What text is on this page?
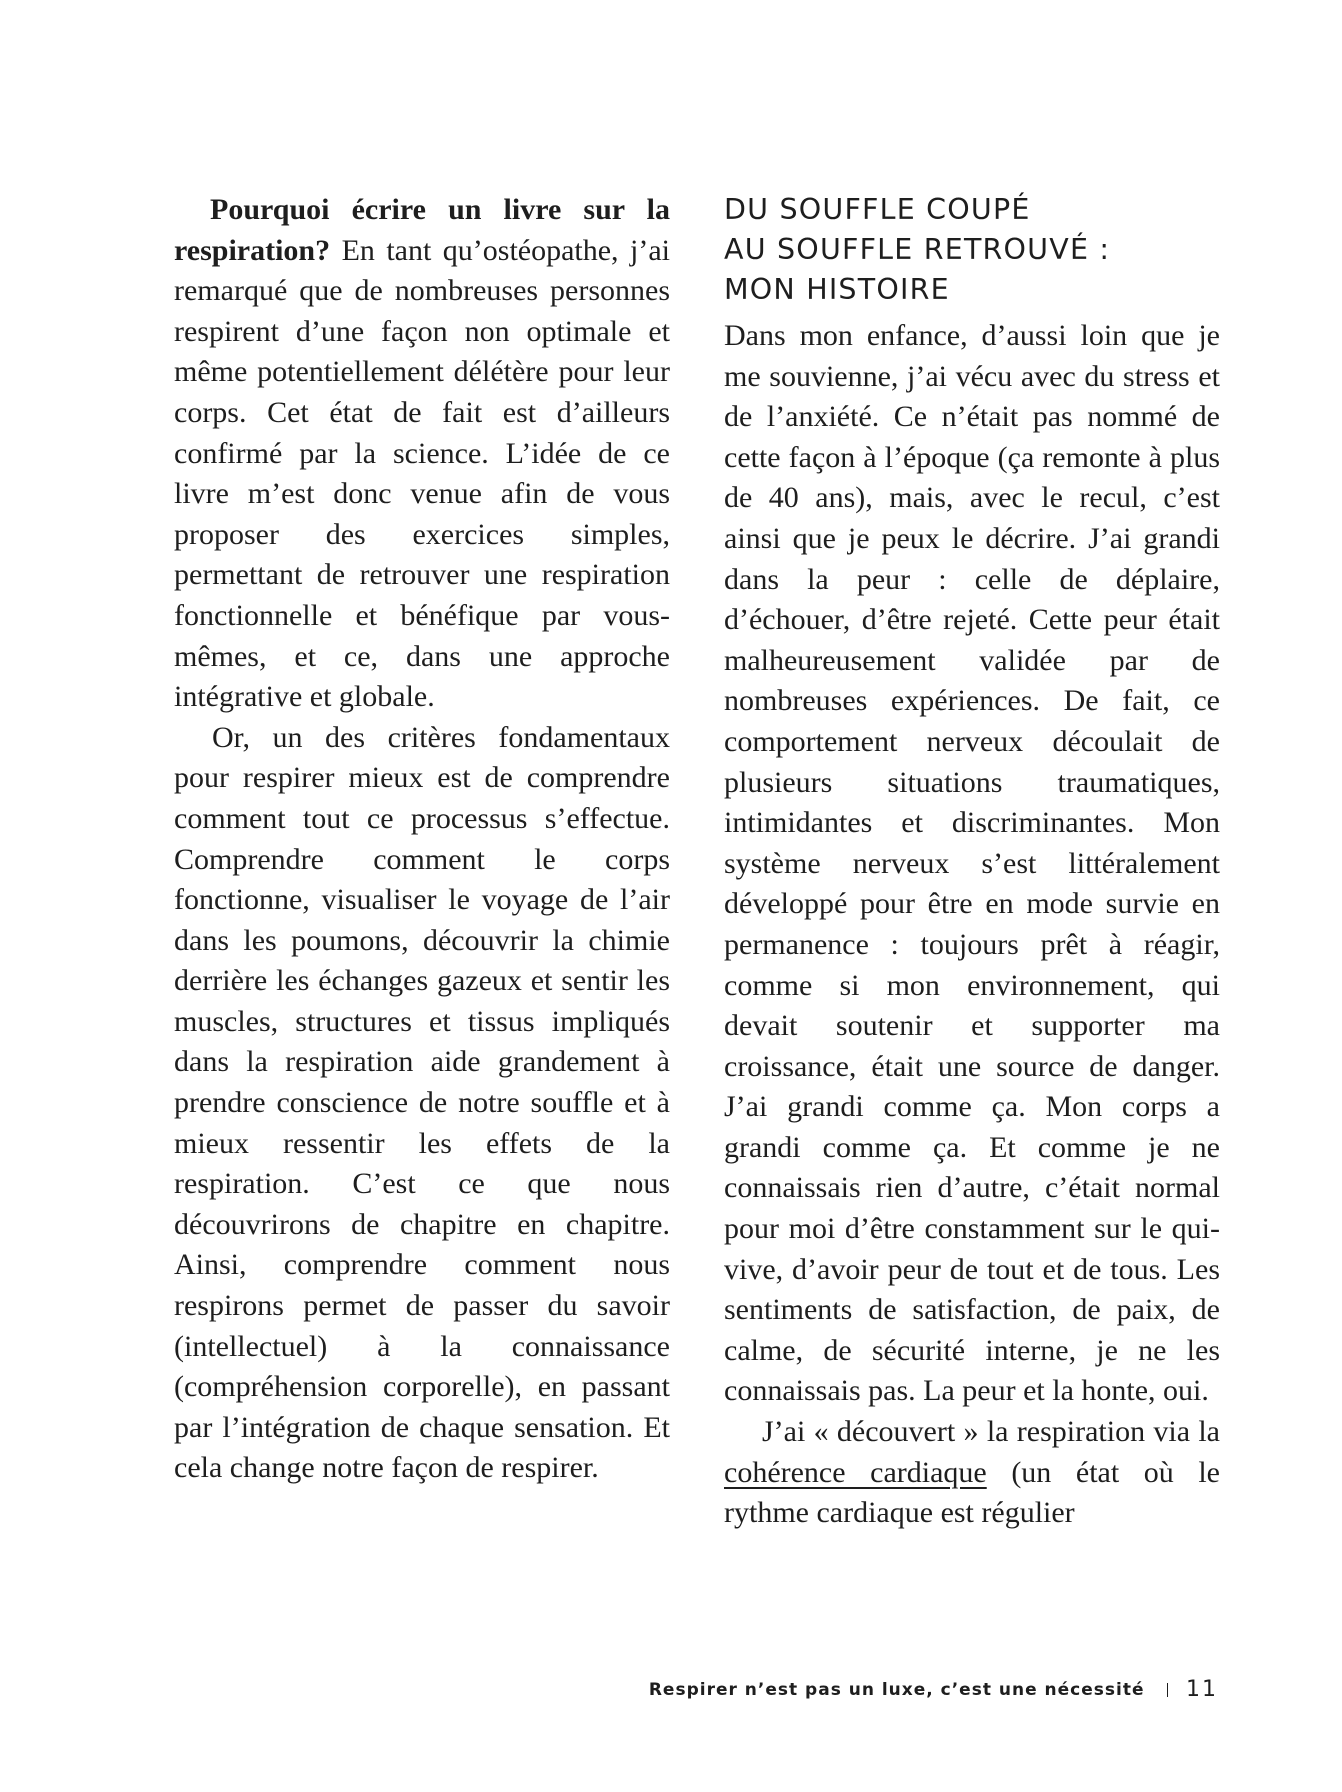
Pourquoi écrire un livre sur la respiration? En tant qu’ostéopathe, j’ai remarqué que de nombreuses personnes respirent d’une façon non optimale et même potentiellement délétère pour leur corps. Cet état de fait est d’ailleurs confirmé par la science. L’idée de ce livre m’est donc venue afin de vous proposer des exercices simples, permettant de retrouver une respiration fonctionnelle et bénéfique par vous-mêmes, et ce, dans une approche intégrative et globale.

Or, un des critères fondamentaux pour respirer mieux est de comprendre comment tout ce processus s’effectue. Comprendre comment le corps fonctionne, visualiser le voyage de l’air dans les poumons, découvrir la chimie derrière les échanges gazeux et sentir les muscles, structures et tissus impliqués dans la respiration aide grandement à prendre conscience de notre souffle et à mieux ressentir les effets de la respiration. C’est ce que nous découvrirons de chapitre en chapitre. Ainsi, comprendre comment nous respirons permet de passer du savoir (intellectuel) à la connaissance (compréhension corporelle), en passant par l’intégration de chaque sensation. Et cela change notre façon de respirer.

DU SOUFFLE COUPÉ
AU SOUFFLE RETROUVÉ :
MON HISTOIRE

Dans mon enfance, d’aussi loin que je me souvienne, j’ai vécu avec du stress et de l’anxiété. Ce n’était pas nommé de cette façon à l’époque (ça remonte à plus de 40 ans), mais, avec le recul, c’est ainsi que je peux le décrire. J’ai grandi dans la peur : celle de déplaire, d’échouer, d’être rejeté. Cette peur était malheureusement validée par de nombreuses expériences. De fait, ce comportement nerveux découlait de plusieurs situations traumatiques, intimidantes et discriminantes. Mon système nerveux s’est littéralement développé pour être en mode survie en permanence : toujours prêt à réagir, comme si mon environnement, qui devait soutenir et supporter ma croissance, était une source de danger. J’ai grandi comme ça. Mon corps a grandi comme ça. Et comme je ne connaissais rien d’autre, c’était normal pour moi d’être constamment sur le qui-vive, d’avoir peur de tout et de tous. Les sentiments de satisfaction, de paix, de calme, de sécurité interne, je ne les connaissais pas. La peur et la honte, oui.

J’ai « découvert » la respiration via la cohérence cardiaque (un état où le rythme cardiaque est régulier

Respirer n’est pas un luxe, c’est une nécessité 11
